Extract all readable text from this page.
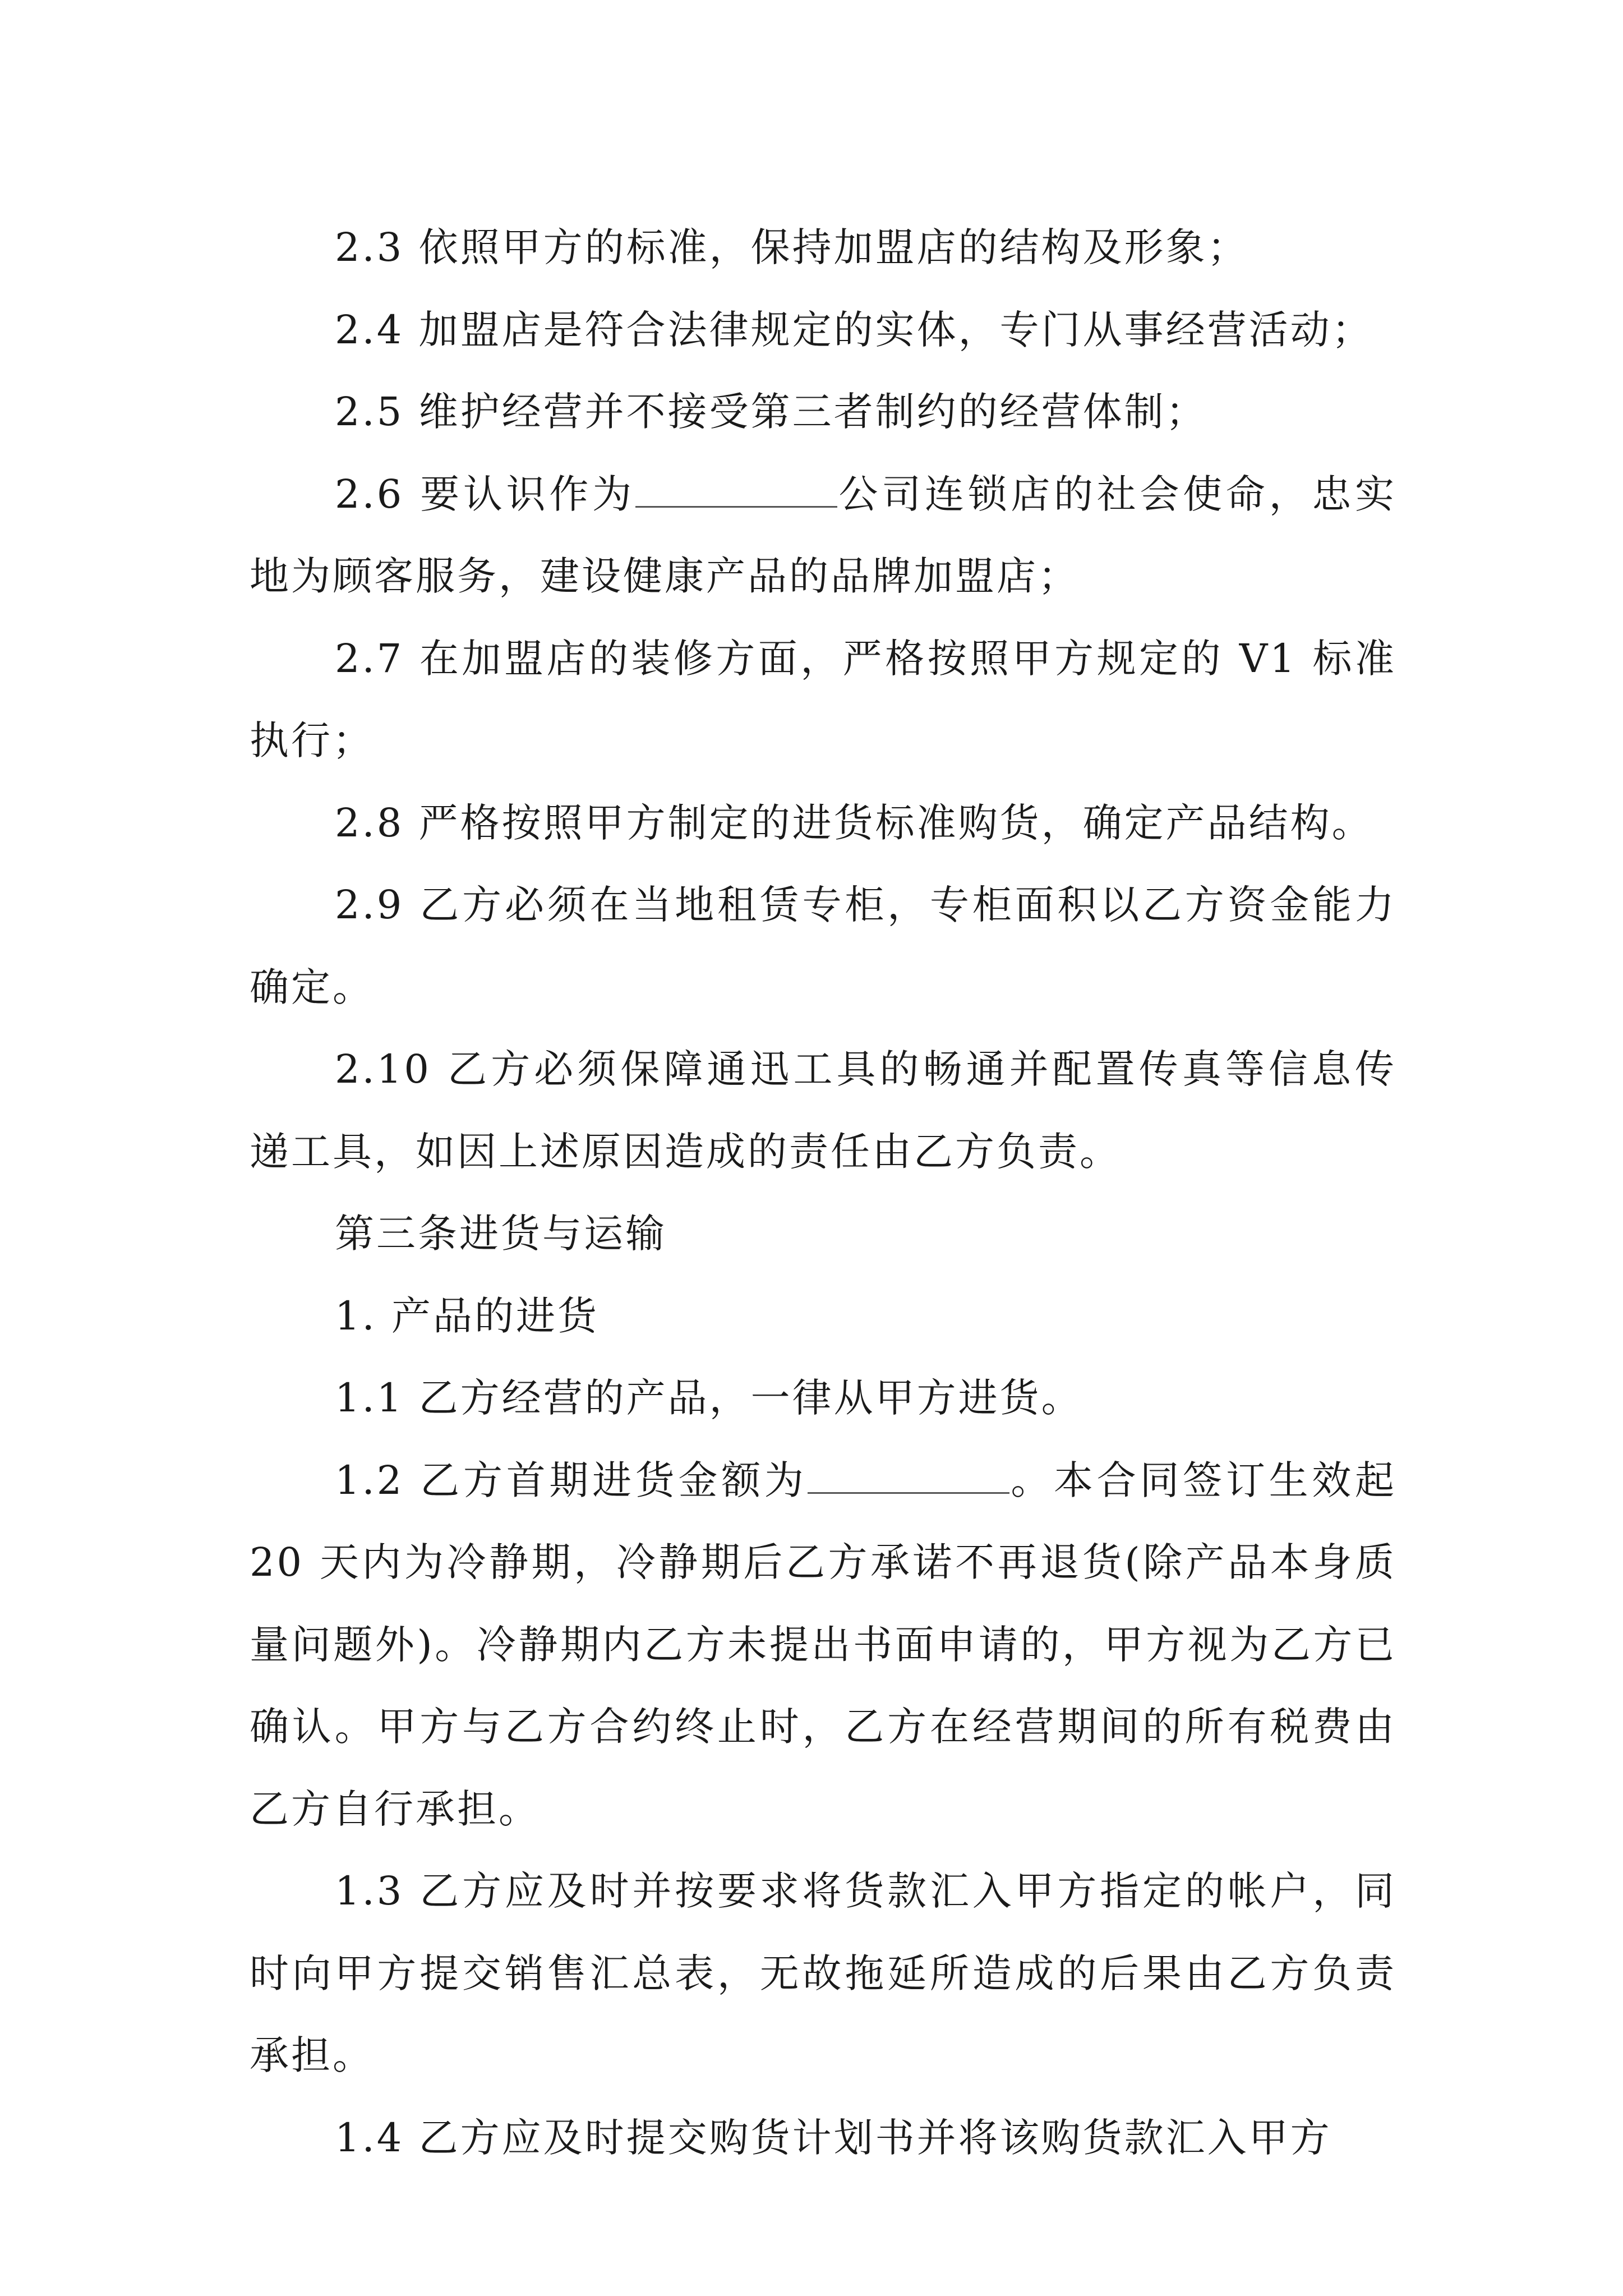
2.3 依照甲方的标准，保持加盟店的结构及形象；

2.4 加盟店是符合法律规定的实体，专门从事经营活动；

2.5 维护经营并不接受第三者制约的经营体制；

2.6 要认识作为	公司连锁店的社会使命，忠实地为顾客服务，建设健康产品的品牌加盟店；

2.7 在加盟店的装修方面，严格按照甲方规定的 V1 标准执行；

2.8 严格按照甲方制定的进货标准购货，确定产品结构。

2.9 乙方必须在当地租赁专柜，专柜面积以乙方资金能力确定。

2.10 乙方必须保障通迅工具的畅通并配置传真等信息传递工具，如因上述原因造成的责任由乙方负责。

第三条进货与运输

1. 产品的进货

1.1 乙方经营的产品，一律从甲方进货。

1.2 乙方首期进货金额为	。本合同签订生效起 20 天内为冷静期，冷静期后乙方承诺不再退货(除产品本身质量问题外)。冷静期内乙方未提出书面申请的，甲方视为乙方已确认。甲方与乙方合约终止时，乙方在经营期间的所有税费由乙方自行承担。

1.3 乙方应及时并按要求将货款汇入甲方指定的帐户，同时向甲方提交销售汇总表，无故拖延所造成的后果由乙方负责承担。

1.4 乙方应及时提交购货计划书并将该购货款汇入甲方
